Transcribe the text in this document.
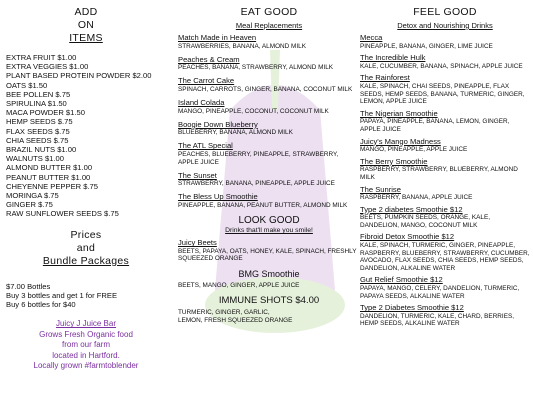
ADD
ON
ITEMS
EXTRA FRUIT $1.00
EXTRA VEGGIES $1.00
PLANT BASED PROTEIN POWDER $2.00
OATS $1.50
BEE POLLEN $.75
SPIRULINA $1.50
MACA POWDER $1.50
HEMP SEEDS $.75
FLAX SEEDS $.75
CHIA SEEDS $.75
BRAZIL NUTS $1.00
WALNUTS $1.00
ALMOND BUTTER $1.00
PEANUT BUTTER $1.00
CHEYENNE PEPPER $.75
MORINGA $.75
GINGER $.75
RAW SUNFLOWER SEEDS $.75
Prices
and
Bundle Packages
$7.00 Bottles
Buy 3 bottles and get 1 for FREE
Buy 6 bottles for $40
Juicy J Juice Bar
Grows Fresh Organic food
from our farm
located in Hartford.
Locally grown #farmtoblender
EAT GOOD
Meal Replacements
Match Made in Heaven
STRAWBERRIES, BANANA, ALMOND MILK
Peaches & Cream
PEACHES, BANANA, STRAWBERRY, ALMOND MILK
The Carrot Cake
SPINACH, CARROTS, GINGER, BANANA, COCONUT MILK
Island Colada
MANGO, PINEAPPLE, COCONUT, COCONUT MILK
Boogie Down Blueberry
BLUEBERRY, BANANA, ALMOND MILK
The ATL Special
PEACHES, BLUEBERRY, PINEAPPLE, STRAWBERRY, APPLE JUICE
The Sunset
STRAWBERRY, BANANA, PINEAPPLE, APPLE JUICE
The Bless Up Smoothie
PINEAPPLE, BANANA, PEANUT BUTTER, ALMOND MILK
LOOK GOOD
Drinks that'll make you smile!
Juicy Beets
BEETS, PAPAYA, OATS, HONEY, KALE, SPINACH, FRESHLY SQUEEZED ORANGE
BMG Smoothie
BEETS, MANGO, GINGER, APPLE JUICE
IMMUNE SHOTS $4.00
TURMERIC, GINGER, GARLIC,
LEMON, FRESH SQUEEZED ORANGE
FEEL GOOD
Detox and Nourishing Drinks
Mecca
PINEAPPLE, BANANA, GINGER, LIME JUICE
The Incredible Hulk
KALE, CUCUMBER, BANANA, SPINACH, APPLE JUICE
The Rainforest
KALE, SPINACH, CHAI SEEDS, PINEAPPLE, FLAX SEEDS, HEMP SEEDS, BANANA, TURMERIC, GINGER, LEMON, APPLE JUICE
The Nigerian Smoothie
PAPAYA, PINEAPPLE, BANANA, LEMON, GINGER, APPLE JUICE
Juicy's Mango Madness
MANGO, PINEAPPLE, APPLE JUICE
The Berry Smoothie
RASPBERRY, STRAWBERRY, BLUEBERRY, ALMOND MILK
The Sunrise
RASPBERRY, BANANA, APPLE JUICE
Type 2 diabetes Smoothie $12
BEETS, PUMPKIN SEEDS, ORANGE, KALE, DANDELION, MANGO, COCONUT MILK
Fibroid Detox Smoothie $12
KALE, SPINACH, TURMERIC, GINGER, PINEAPPLE, RASPBERRY, BLUEBERRY, STRAWBERRY, CUCUMBER, AVOCADO, FLAX SEEDS, CHIA SEEDS, HEMP SEEDS, DANDELION, ALKALINE WATER
Gut Relief Smoothie $12
PAPAYA, MANGO, CELERY, DANDELION, TURMERIC, PAPAYA SEEDS, ALKALINE WATER
Type 2 Diabetes Smoothie $12
DANDELION, TURMERIC, KALE, CHARD, BERRIES, HEMP SEEDS, ALKALINE WATER
